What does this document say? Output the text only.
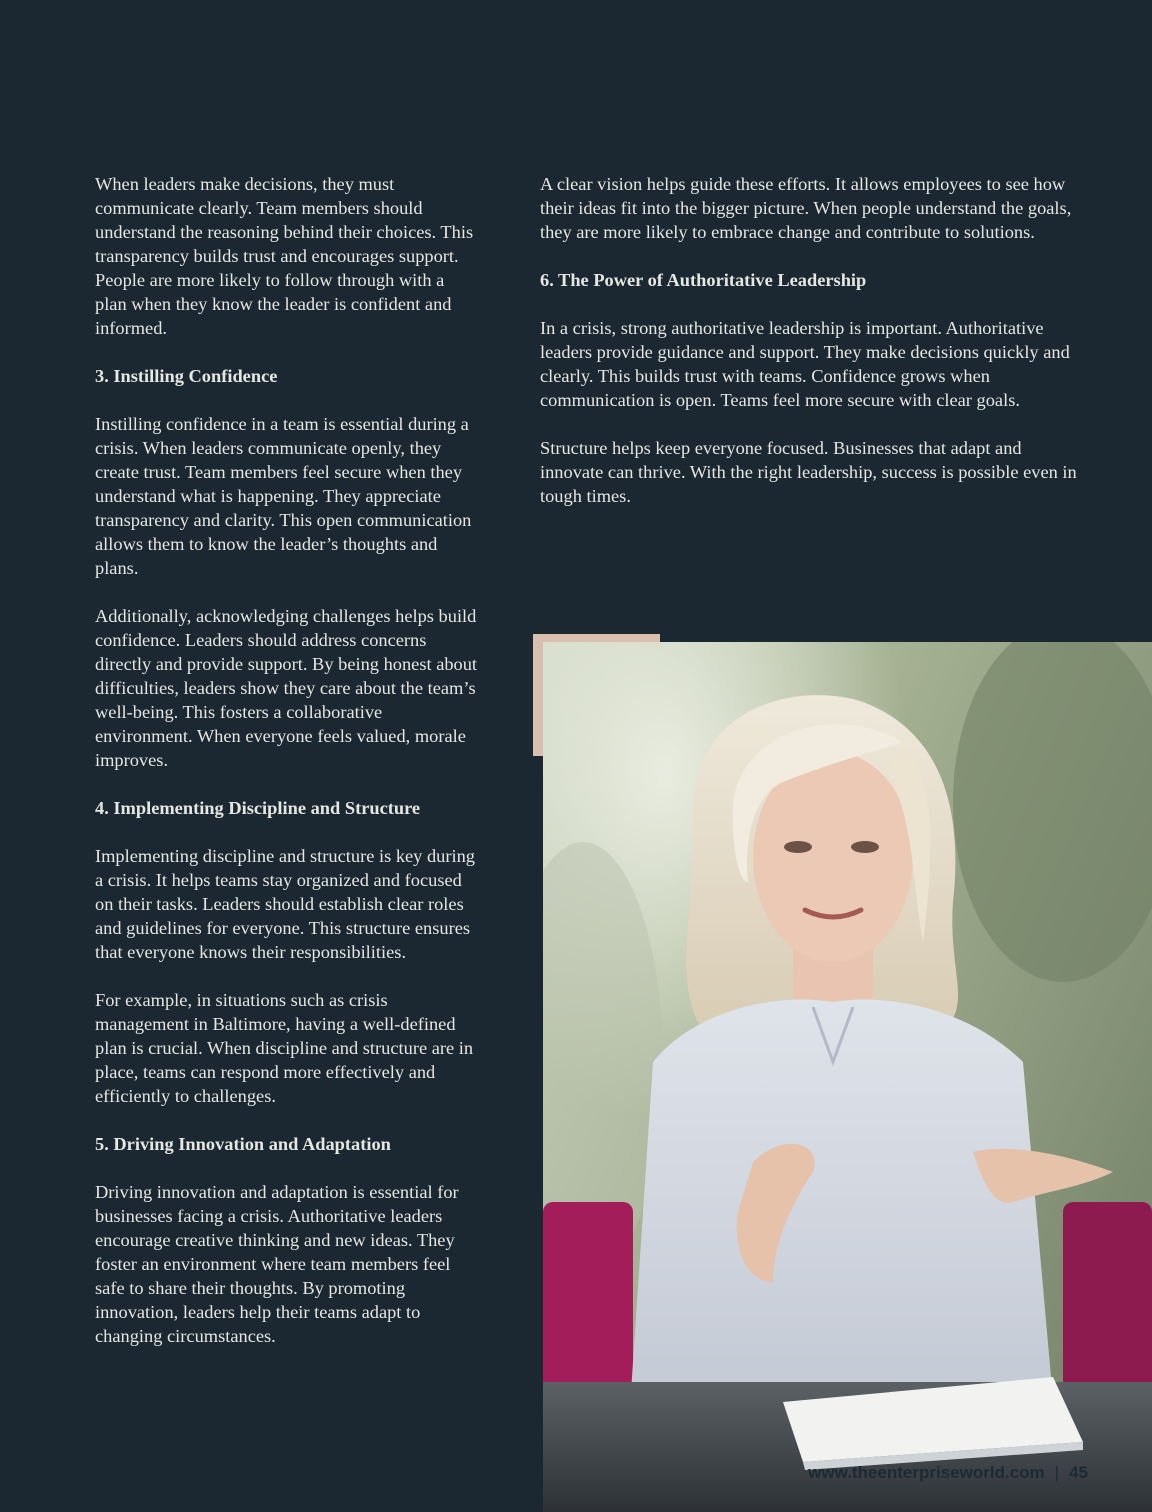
When leaders make decisions, they must communicate clearly. Team members should understand the reasoning behind their choices. This transparency builds trust and encourages support. People are more likely to follow through with a plan when they know the leader is confident and informed.

3. Instilling Confidence

Instilling confidence in a team is essential during a crisis. When leaders communicate openly, they create trust. Team members feel secure when they understand what is happening. They appreciate transparency and clarity. This open communication allows them to know the leader’s thoughts and plans.

Additionally, acknowledging challenges helps build confidence. Leaders should address concerns directly and provide support. By being honest about difficulties, leaders show they care about the team’s well-being. This fosters a collaborative environment. When everyone feels valued, morale improves.

4. Implementing Discipline and Structure

Implementing discipline and structure is key during a crisis. It helps teams stay organized and focused on their tasks. Leaders should establish clear roles and guidelines for everyone. This structure ensures that everyone knows their responsibilities.

For example, in situations such as crisis management in Baltimore, having a well-defined plan is crucial. When discipline and structure are in place, teams can respond more effectively and efficiently to challenges.

5. Driving Innovation and Adaptation

Driving innovation and adaptation is essential for businesses facing a crisis. Authoritative leaders encourage creative thinking and new ideas. They foster an environment where team members feel safe to share their thoughts. By promoting innovation, leaders help their teams adapt to changing circumstances.

A clear vision helps guide these efforts. It allows employees to see how their ideas fit into the bigger picture. When people understand the goals, they are more likely to embrace change and contribute to solutions.

6. The Power of Authoritative Leadership

In a crisis, strong authoritative leadership is important. Authoritative leaders provide guidance and support. They make decisions quickly and clearly. This builds trust with teams. Confidence grows when communication is open. Teams feel more secure with clear goals.

Structure helps keep everyone focused. Businesses that adapt and innovate can thrive. With the right leadership, success is possible even in tough times.

www.theenterpriseworld.com | 45
